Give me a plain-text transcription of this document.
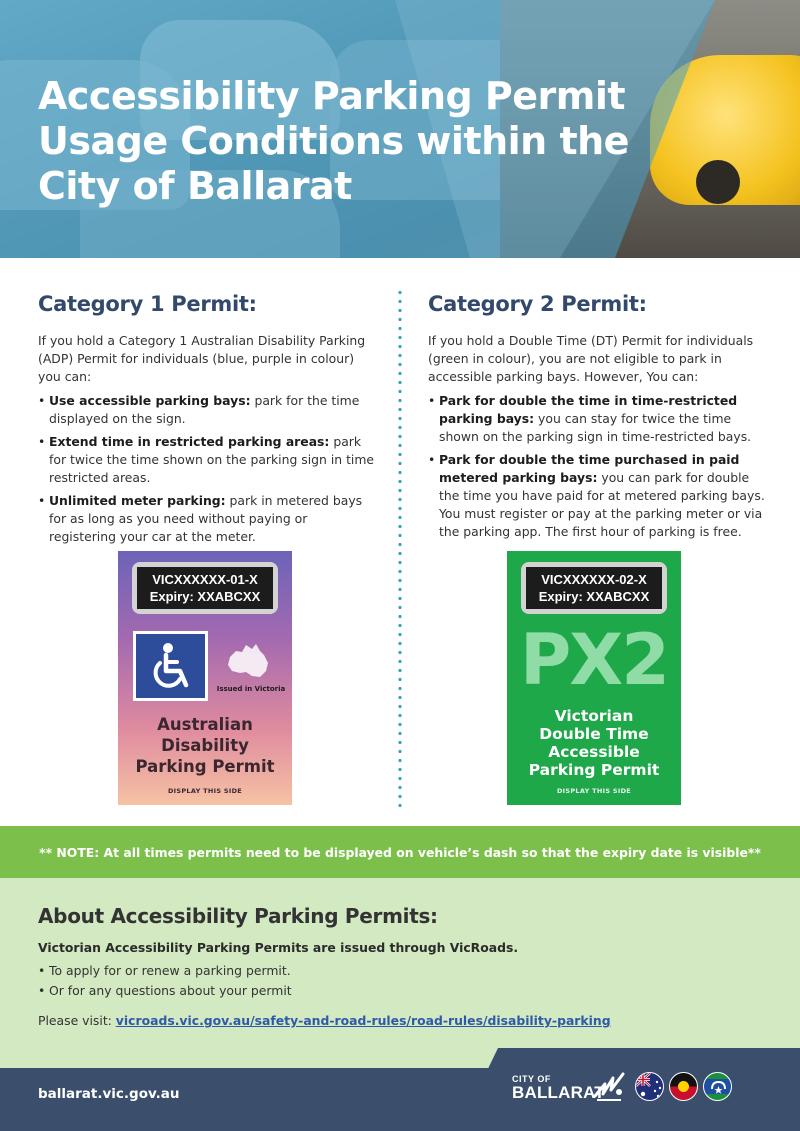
Accessibility Parking Permit Usage Conditions within the City of Ballarat
Category 1 Permit:

If you hold a Category 1 Australian Disability Parking (ADP) Permit for individuals (blue, purple in colour) you can:

• Use accessible parking bays: park for the time displayed on the sign.
• Extend time in restricted parking areas: park for twice the time shown on the parking sign in time restricted areas.
• Unlimited meter parking: park in metered bays for as long as you need without paying or registering your car at the meter.
Category 2 Permit:

If you hold a Double Time (DT) Permit for individuals (green in colour), you are not eligible to park in accessible parking bays. However, You can:

• Park for double the time in time-restricted parking bays: you can stay for twice the time shown on the parking sign in time-restricted bays.
• Park for double the time purchased in paid metered parking bays: you can park for double the time you have paid for at metered parking bays. You must register or pay at the parking meter or via the parking app. The first hour of parking is free.
VICXXXXXX-01-X
Expiry: XXABCXX
Issued in Victoria
Australian
Disability
Parking Permit
DISPLAY THIS SIDE
VICXXXXXX-02-X
Expiry: XXABCXX
PX2
Victorian
Double Time
Accessible
Parking Permit
DISPLAY THIS SIDE
** NOTE: At all times permits need to be displayed on vehicle’s dash so that the expiry date is visible**
About Accessibility Parking Permits:

Victorian Accessibility Parking Permits are issued through VicRoads.

• To apply for or renew a parking permit.
• Or for any questions about your permit

Please visit: vicroads.vic.gov.au/safety-and-road-rules/road-rules/disability-parking

ballarat.vic.gov.au
CITY OF
BALLARAT
